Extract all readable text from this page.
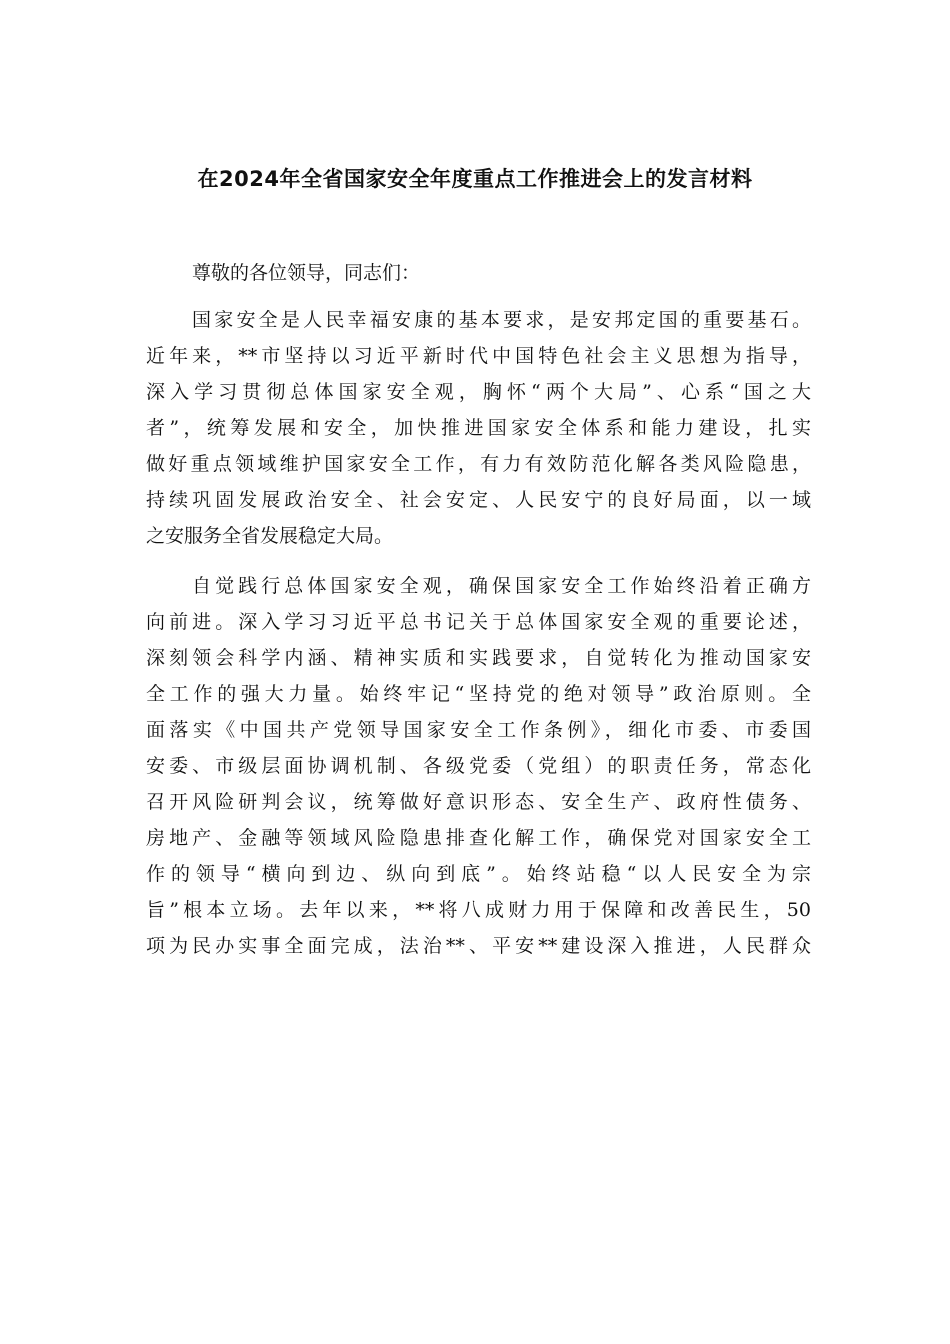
在2024年全省国家安全年度重点工作推进会上的发言材料
尊敬的各位领导，同志们：
国家安全是人民幸福安康的基本要求，是安邦定国的重要基石。
近年来，**市坚持以习近平新时代中国特色社会主义思想为指导，
深入学习贯彻总体国家安全观，胸怀“两个大局”、心系“国之大
者”，统筹发展和安全，加快推进国家安全体系和能力建设，扎实
做好重点领域维护国家安全工作，有力有效防范化解各类风险隐患，
持续巩固发展政治安全、社会安定、人民安宁的良好局面，以一域
之安服务全省发展稳定大局。
自觉践行总体国家安全观，确保国家安全工作始终沿着正确方
向前进。深入学习习近平总书记关于总体国家安全观的重要论述，
深刻领会科学内涵、精神实质和实践要求，自觉转化为推动国家安
全工作的强大力量。始终牢记“坚持党的绝对领导”政治原则。全
面落实《中国共产党领导国家安全工作条例》，细化市委、市委国
安委、市级层面协调机制、各级党委（党组）的职责任务，常态化
召开风险研判会议，统筹做好意识形态、安全生产、政府性债务、
房地产、金融等领域风险隐患排查化解工作，确保党对国家安全工
作的领导“横向到边、纵向到底”。始终站稳“以人民安全为宗
旨”根本立场。去年以来，**将八成财力用于保障和改善民生，50
项为民办实事全面完成，法治**、平安**建设深入推进，人民群众
